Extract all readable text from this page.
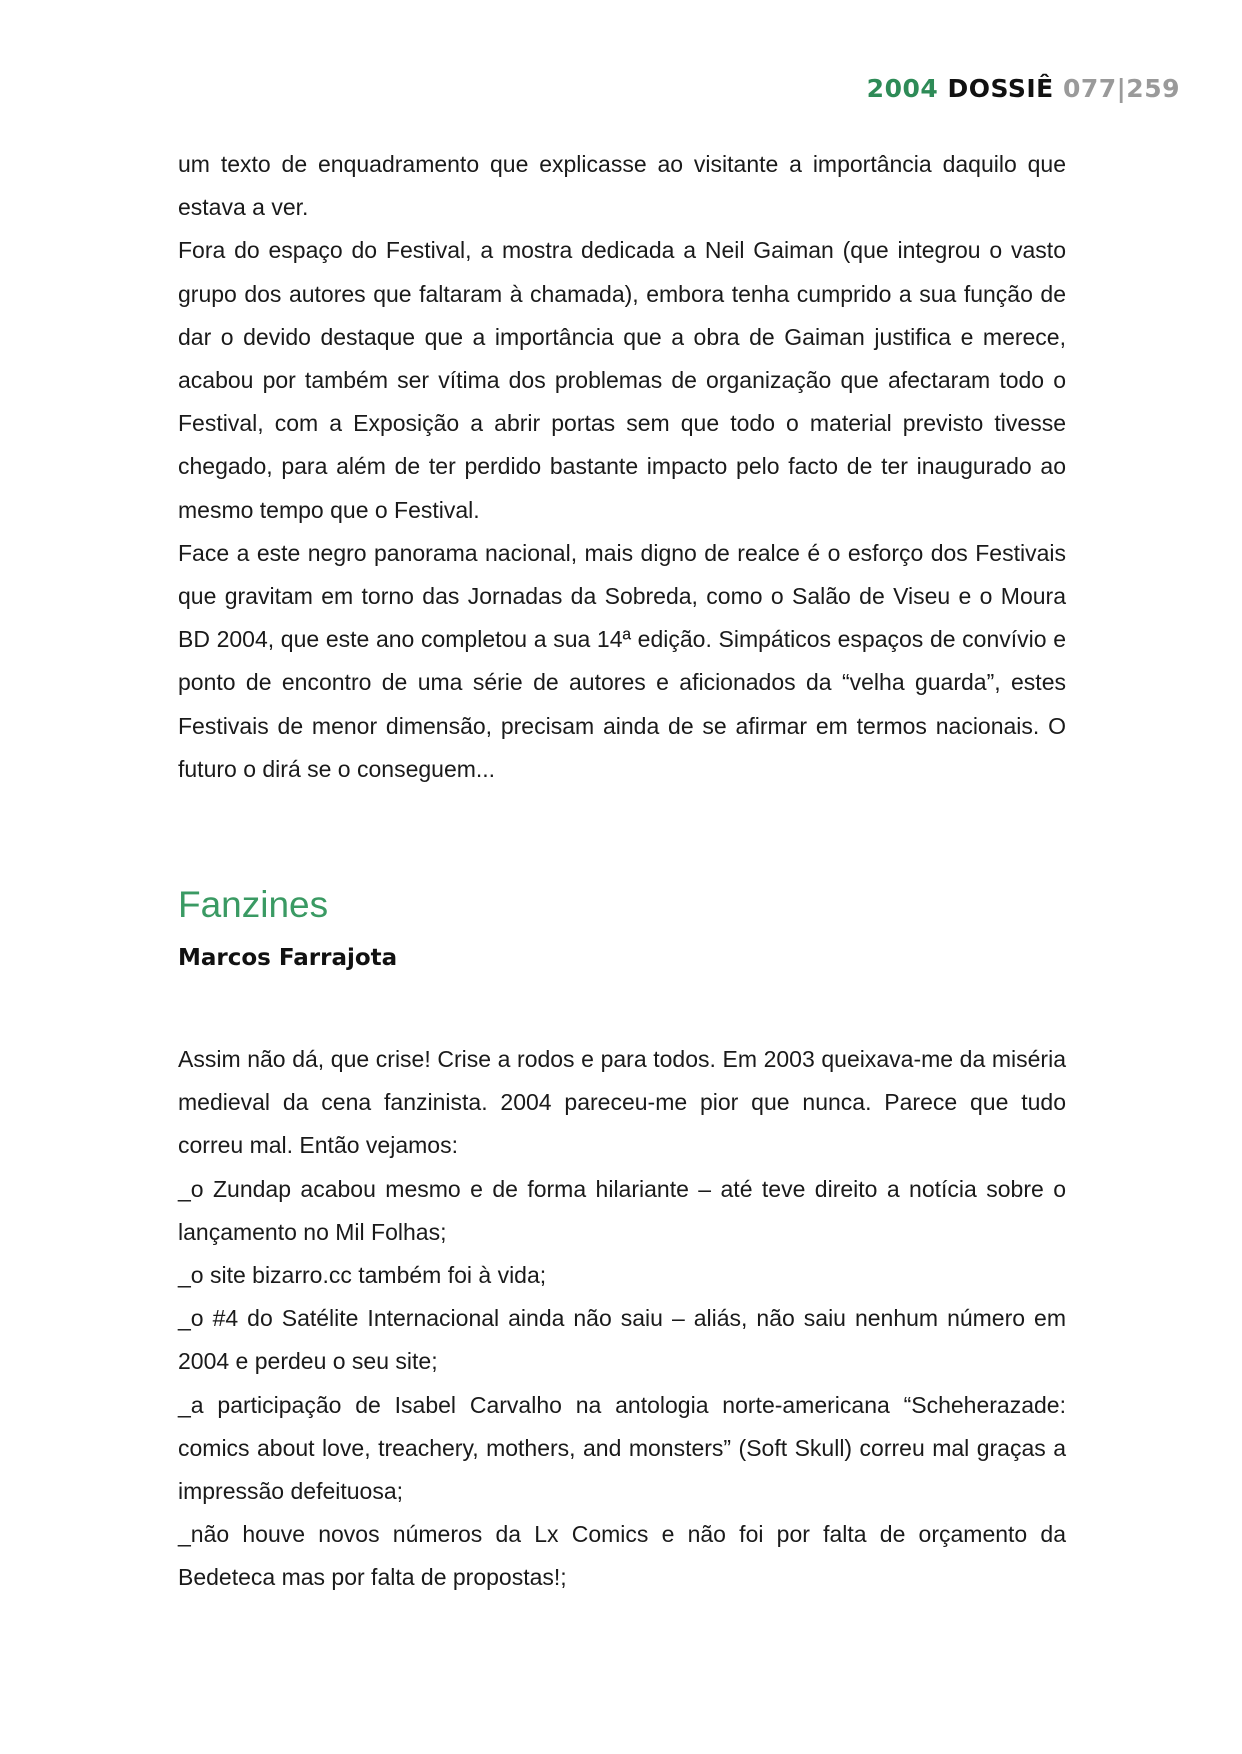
2004 DOSSIÊ 077|259

um texto de enquadramento que explicasse ao visitante a importância daquilo que estava a ver.

Fora do espaço do Festival, a mostra dedicada a Neil Gaiman (que integrou o vasto grupo dos autores que faltaram à chamada), embora tenha cumprido a sua função de dar o devido destaque que a importância que a obra de Gaiman justifica e merece, acabou por também ser vítima dos problemas de organização que afectaram todo o Festival, com a Exposição a abrir portas sem que todo o material previsto tivesse chegado, para além de ter perdido bastante impacto pelo facto de ter inaugurado ao mesmo tempo que o Festival.

Face a este negro panorama nacional, mais digno de realce é o esforço dos Festivais que gravitam em torno das Jornadas da Sobreda, como o Salão de Viseu e o Moura BD 2004, que este ano completou a sua 14ª edição. Simpáticos espaços de convívio e ponto de encontro de uma série de autores e aficionados da “velha guarda”, estes Festivais de menor dimensão, precisam ainda de se afirmar em termos nacionais. O futuro o dirá se o conseguem...

Fanzines

Marcos Farrajota

Assim não dá, que crise! Crise a rodos e para todos. Em 2003 queixava-me da miséria medieval da cena fanzinista. 2004 pareceu-me pior que nunca. Parece que tudo correu mal. Então vejamos:

_o Zundap acabou mesmo e de forma hilariante – até teve direito a notícia sobre o lançamento no Mil Folhas;

_o site bizarro.cc também foi à vida;

_o #4 do Satélite Internacional ainda não saiu – aliás, não saiu nenhum número em 2004 e perdeu o seu site;

_a participação de Isabel Carvalho na antologia norte-americana “Scheherazade: comics about love, treachery, mothers, and monsters” (Soft Skull) correu mal graças a impressão defeituosa;

_não houve novos números da Lx Comics e não foi por falta de orçamento da Bedeteca mas por falta de propostas!;
